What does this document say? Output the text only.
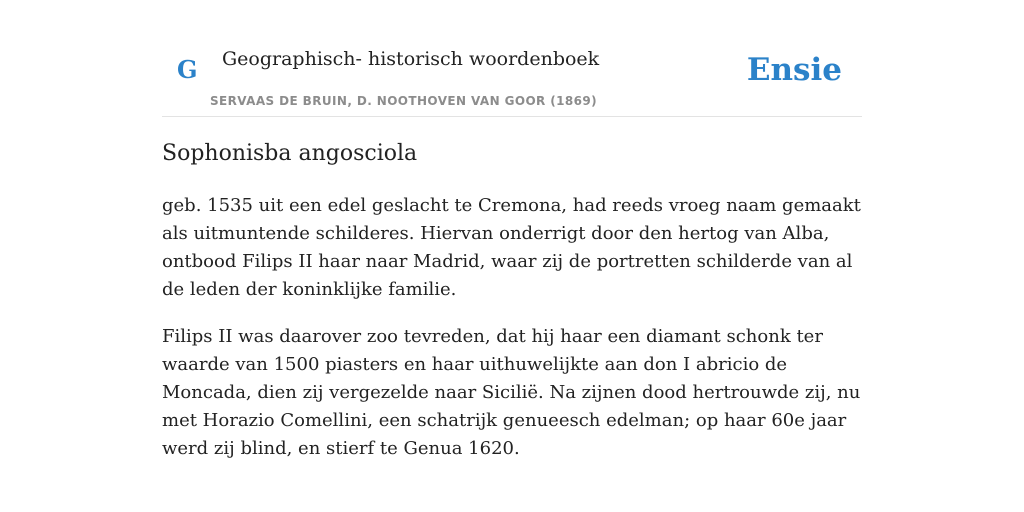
G Geographisch- historisch woordenboek
SERVAAS DE BRUIN, D. NOOTHOVEN VAN GOOR (1869)
Ensie
Sophonisba angosciola

geb. 1535 uit een edel geslacht te Cremona, had reeds vroeg naam gemaakt als uitmuntende schilderes. Hiervan onderrigt door den hertog van Alba, ontbood Filips II haar naar Madrid, waar zij de portretten schilderde van al de leden der koninklijke familie.

Filips II was daarover zoo tevreden, dat hij haar een diamant schonk ter waarde van 1500 piasters en haar uithuwelijkte aan don I abricio de Moncada, dien zij vergezelde naar Sicilië. Na zijnen dood hertrouwde zij, nu met Horazio Comellini, een schatrijk genueesch edelman; op haar 60e jaar werd zij blind, en stierf te Genua 1620.
